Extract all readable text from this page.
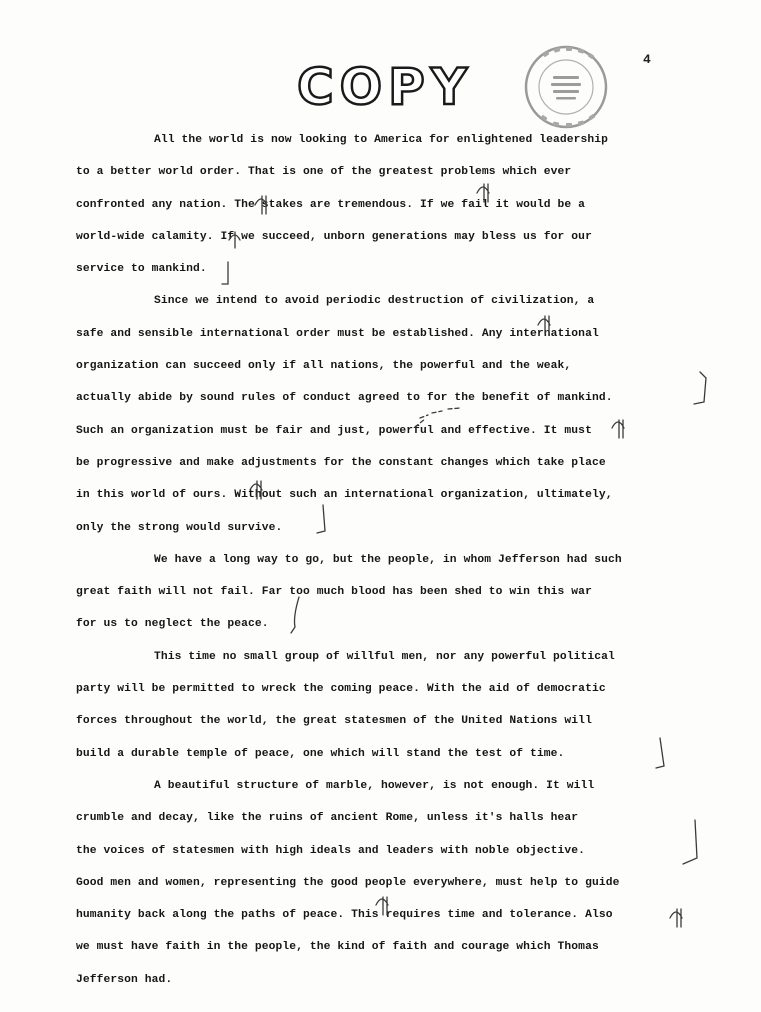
COPY	4
All the world is now looking to America for enlightened leadership
to a better world order. That is one of the greatest problems which ever
confronted any nation. The stakes are tremendous. If we fail it would be a
world-wide calamity. If we succeed, unborn generations may bless us for our
service to mankind.
Since we intend to avoid periodic destruction of civilization, a
safe and sensible international order must be established. Any international
organization can succeed only if all nations, the powerful and the weak,
actually abide by sound rules of conduct agreed to for the benefit of mankind.
Such an organization must be fair and just, powerful and effective. It must
be progressive and make adjustments for the constant changes which take place
in this world of ours. Without such an international organization, ultimately,
only the strong would survive.
We have a long way to go, but the people, in whom Jefferson had such
great faith will not fail. Far too much blood has been shed to win this war
for us to neglect the peace.
This time no small group of willful men, nor any powerful political
party will be permitted to wreck the coming peace. With the aid of democratic
forces throughout the world, the great statesmen of the United Nations will
build a durable temple of peace, one which will stand the test of time.
A beautiful structure of marble, however, is not enough. It will
crumble and decay, like the ruins of ancient Rome, unless it's halls hear
the voices of statesmen with high ideals and leaders with noble objective.
Good men and women, representing the good people everywhere, must help to guide
humanity back along the paths of peace. This requires time and tolerance. Also
we must have faith in the people, the kind of faith and courage which Thomas
Jefferson had.
